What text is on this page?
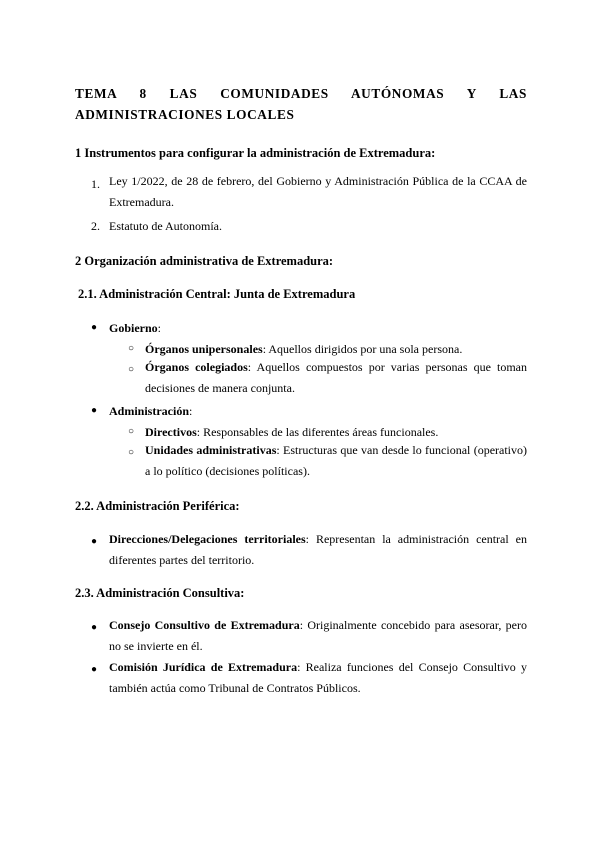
TEMA 8 LAS COMUNIDADES AUTÓNOMAS Y LAS ADMINISTRACIONES LOCALES
1 Instrumentos para configurar la administración de Extremadura:
1. Ley 1/2022, de 28 de febrero, del Gobierno y Administración Pública de la CCAA de Extremadura.
2. Estatuto de Autonomía.
2 Organización administrativa de Extremadura:
2.1. Administración Central: Junta de Extremadura
● Gobierno:
○ Órganos unipersonales: Aquellos dirigidos por una sola persona.
○ Órganos colegiados: Aquellos compuestos por varias personas que toman decisiones de manera conjunta.
● Administración:
○ Directivos: Responsables de las diferentes áreas funcionales.
○ Unidades administrativas: Estructuras que van desde lo funcional (operativo) a lo político (decisiones políticas).
2.2. Administración Periférica:
● Direcciones/Delegaciones territoriales: Representan la administración central en diferentes partes del territorio.
2.3. Administración Consultiva:
● Consejo Consultivo de Extremadura: Originalmente concebido para asesorar, pero no se invierte en él.
● Comisión Jurídica de Extremadura: Realiza funciones del Consejo Consultivo y también actúa como Tribunal de Contratos Públicos.
